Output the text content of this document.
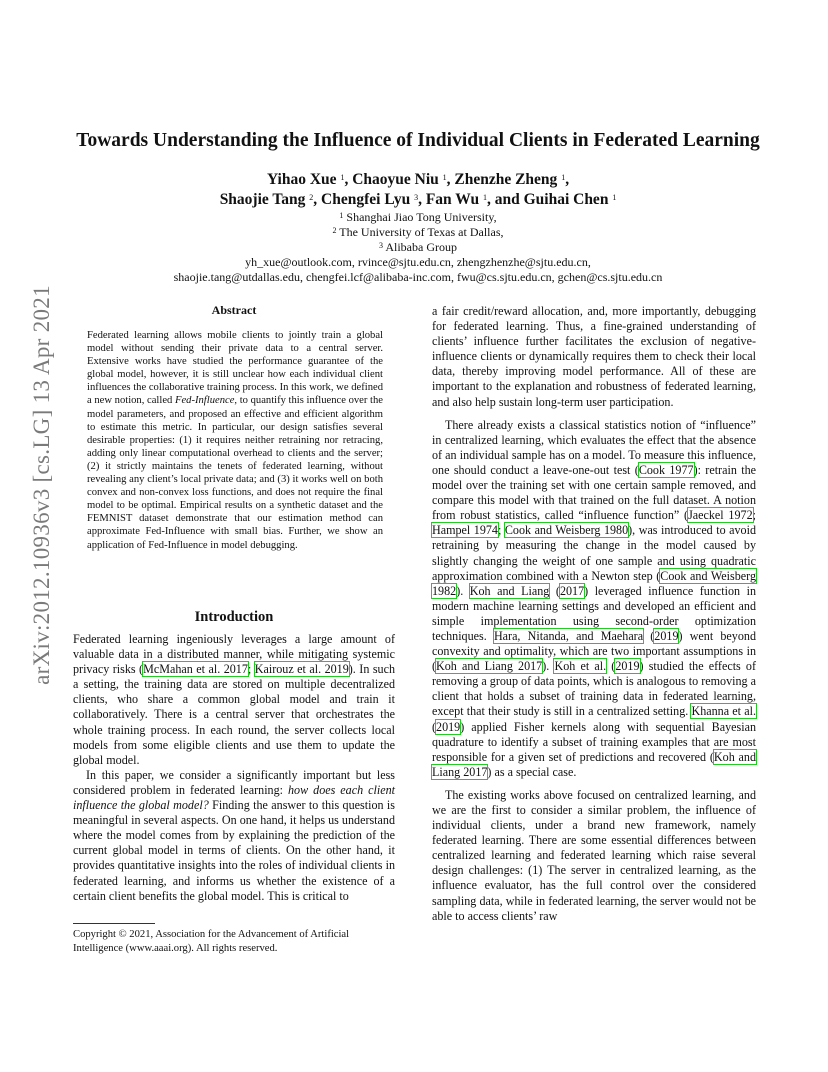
arXiv:2012.10936v3 [cs.LG] 13 Apr 2021
Towards Understanding the Influence of Individual Clients in Federated Learning
Yihao Xue $^1$, Chaoyue Niu $^1$, Zhenzhe Zheng $^1$,
Shaojie Tang $^2$, Chengfei Lyu $^3$, Fan Wu $^1$, and Guihai Chen $^1$
$^1$ Shanghai Jiao Tong University,
$^2$ The University of Texas at Dallas,
$^3$ Alibaba Group
yh_xue@outlook.com, rvince@sjtu.edu.cn, zhengzhenzhe@sjtu.edu.cn,
shaojie.tang@utdallas.edu, chengfei.lcf@alibaba-inc.com, fwu@cs.sjtu.edu.cn, gchen@cs.sjtu.edu.cn
Abstract
Federated learning allows mobile clients to jointly train a global model without sending their private data to a central server. Extensive works have studied the performance guarantee of the global model, however, it is still unclear how each individual client influences the collaborative training process. In this work, we defined a new notion, called Fed-Influence, to quantify this influence over the model parameters, and proposed an effective and efficient algorithm to estimate this metric. In particular, our design satisfies several desirable properties: (1) it requires neither retraining nor retracing, adding only linear computational overhead to clients and the server; (2) it strictly maintains the tenets of federated learning, without revealing any client’s local private data; and (3) it works well on both convex and non-convex loss functions, and does not require the final model to be optimal. Empirical results on a synthetic dataset and the FEMNIST dataset demonstrate that our estimation method can approximate Fed-Influence with small bias. Further, we show an application of Fed-Influence in model debugging.
Introduction

Federated learning ingeniously leverages a large amount of valuable data in a distributed manner, while mitigating systemic privacy risks (McMahan et al. 2017; Kairouz et al. 2019). In such a setting, the training data are stored on multiple decentralized clients, who share a common global model and train it collaboratively. There is a central server that orchestrates the whole training process. In each round, the server collects local models from some eligible clients and use them to update the global model.

In this paper, we consider a significantly important but less considered problem in federated learning: how does each client influence the global model? Finding the answer to this question is meaningful in several aspects. On one hand, it helps us understand where the model comes from by explaining the prediction of the current global model in terms of clients. On the other hand, it provides quantitative insights into the roles of individual clients in federated learning, and informs us whether the existence of a certain client benefits the global model. This is critical to

Copyright © 2021, Association for the Advancement of Artificial Intelligence (www.aaai.org). All rights reserved.

a fair credit/reward allocation, and, more importantly, debugging for federated learning. Thus, a fine-grained understanding of clients’ influence further facilitates the exclusion of negative-influence clients or dynamically requires them to check their local data, thereby improving model performance. All of these are important to the explanation and robustness of federated learning, and also help sustain long-term user participation.

There already exists a classical statistics notion of “influence” in centralized learning, which evaluates the effect that the absence of an individual sample has on a model. To measure this influence, one should conduct a leave-one-out test (Cook 1977): retrain the model over the training set with one certain sample removed, and compare this model with that trained on the full dataset. A notion from robust statistics, called “influence function” (Jaeckel 1972; Hampel 1974; Cook and Weisberg 1980), was introduced to avoid retraining by measuring the change in the model caused by slightly changing the weight of one sample and using quadratic approximation combined with a Newton step (Cook and Weisberg 1982). Koh and Liang (2017) leveraged influence function in modern machine learning settings and developed an efficient and simple implementation using second-order optimization techniques. Hara, Nitanda, and Maehara (2019) went beyond convexity and optimality, which are two important assumptions in (Koh and Liang 2017). Koh et al. (2019) studied the effects of removing a group of data points, which is analogous to removing a client that holds a subset of training data in federated learning, except that their study is still in a centralized setting. Khanna et al. (2019) applied Fisher kernels along with sequential Bayesian quadrature to identify a subset of training examples that are most responsible for a given set of predictions and recovered (Koh and Liang 2017) as a special case.

The existing works above focused on centralized learning, and we are the first to consider a similar problem, the influence of individual clients, under a brand new framework, namely federated learning. There are some essential differences between centralized learning and federated learning which raise several design challenges: (1) The server in centralized learning, as the influence evaluator, has the full control over the considered sampling data, while in federated learning, the server would not be able to access clients’ raw
